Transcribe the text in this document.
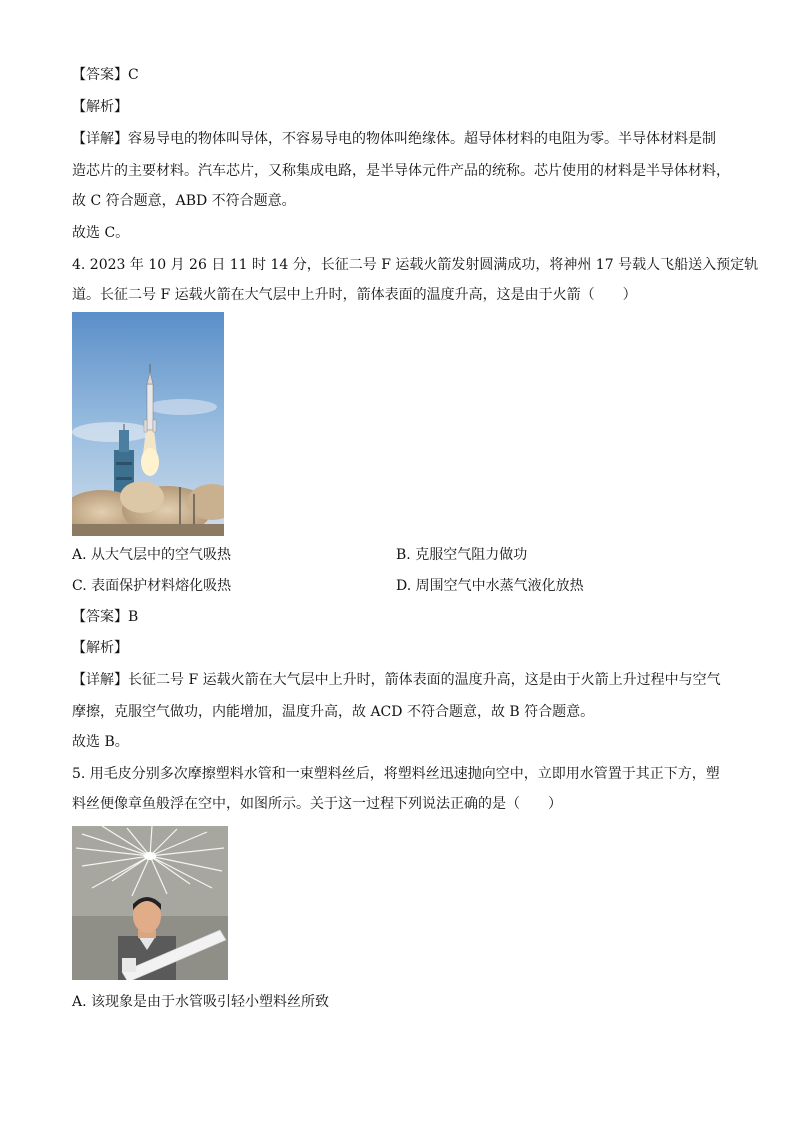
【答案】C
【解析】
【详解】容易导电的物体叫导体，不容易导电的物体叫绝缘体。超导体材料的电阻为零。半导体材料是制
造芯片的主要材料。汽车芯片，又称集成电路，是半导体元件产品的统称。芯片使用的材料是半导体材料，
故 C 符合题意，ABD 不符合题意。
故选 C。
4. 2023 年 10 月 26 日 11 时 14 分，长征二号 F 运载火箭发射圆满成功，将神州 17 号载人飞船送入预定轨
道。长征二号 F 运载火箭在大气层中上升时，箭体表面的温度升高，这是由于火箭（　　）
A. 从大气层中的空气吸热	B. 克服空气阻力做功
C. 表面保护材料熔化吸热	D. 周围空气中水蒸气液化放热
【答案】B
【解析】
【详解】长征二号 F 运载火箭在大气层中上升时，箭体表面的温度升高，这是由于火箭上升过程中与空气
摩擦，克服空气做功，内能增加，温度升高，故 ACD 不符合题意，故 B 符合题意。
故选 B。
5. 用毛皮分别多次摩擦塑料水管和一束塑料丝后，将塑料丝迅速抛向空中，立即用水管置于其正下方，塑
料丝便像章鱼般浮在空中，如图所示。关于这一过程下列说法正确的是（　　）
A. 该现象是由于水管吸引轻小塑料丝所致
